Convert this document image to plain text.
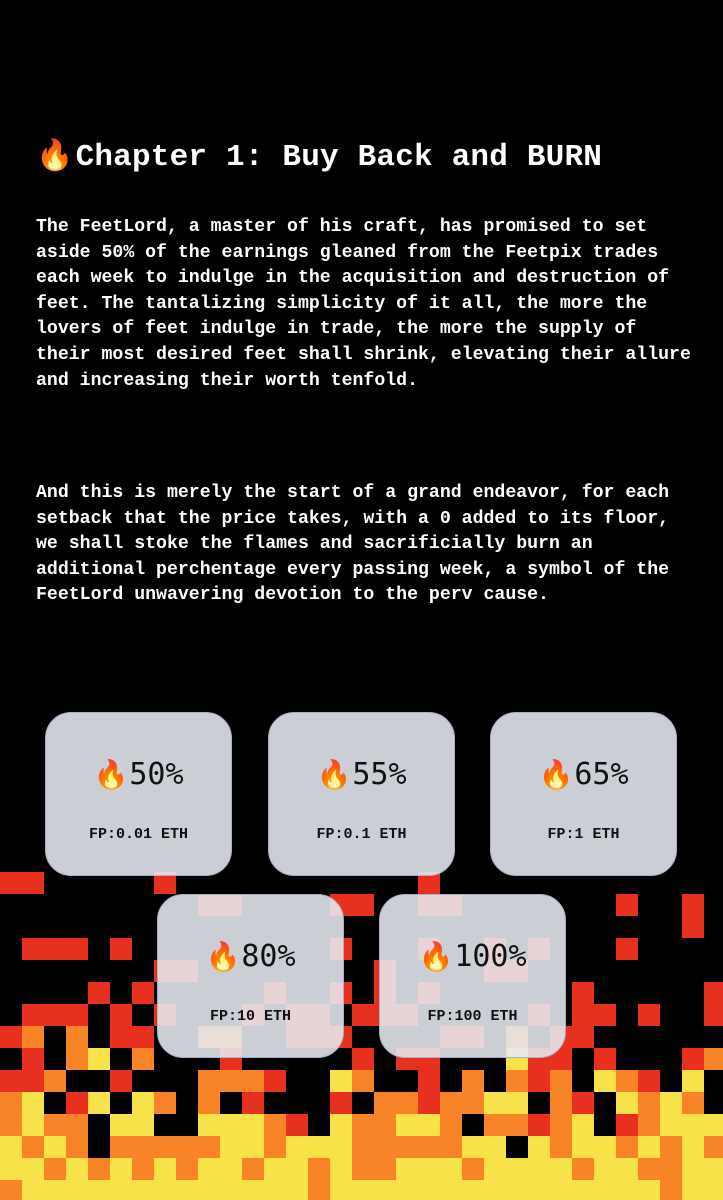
🔥Chapter 1: Buy Back and BURN

The FeetLord, a master of his craft, has promised to set aside 50% of the earnings gleaned from the Feetpix trades each week to indulge in the acquisition and destruction of feet. The tantalizing simplicity of it all, the more the lovers of feet indulge in trade, the more the supply of their most desired feet shall shrink, elevating their allure and increasing their worth tenfold.

And this is merely the start of a grand endeavor, for each setback that the price takes, with a 0 added to its floor, we shall stoke the flames and sacrificially burn an additional perchentage every passing week, a symbol of the FeetLord unwavering devotion to the perv cause.

🔥50%
FP:0.01 ETH
🔥55%
FP:0.1 ETH
🔥65%
FP:1 ETH
🔥80%
FP:10 ETH
🔥100%
FP:100 ETH
